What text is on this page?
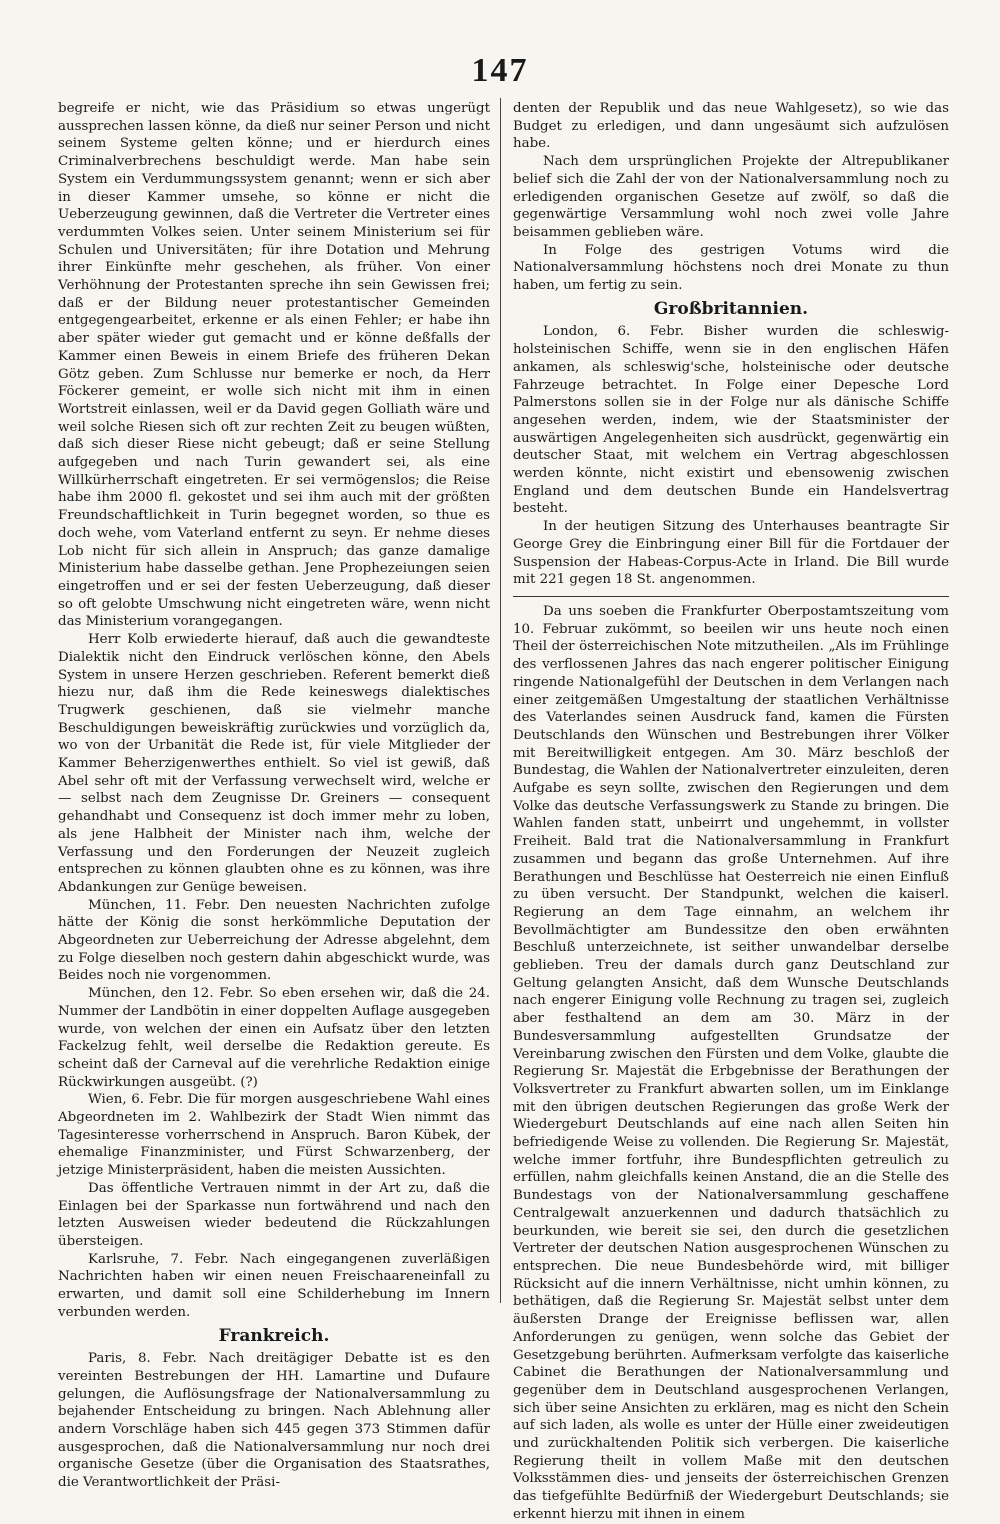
147

begreife er nicht, wie das Präsidium so etwas ungerügt aussprechen lassen könne, da dieß nur seiner Person und nicht seinem Systeme gelten könne; und er hierdurch eines Criminalverbrechens beschuldigt werde. Man habe sein System ein Verdummungssystem genannt; wenn er sich aber in dieser Kammer umsehe, so könne er nicht die Ueberzeugung gewinnen, daß die Vertreter die Vertreter eines verdummten Volkes seien. Unter seinem Ministerium sei für Schulen und Universitäten; für ihre Dotation und Mehrung ihrer Einkünfte mehr geschehen, als früher. Von einer Verhöhnung der Protestanten spreche ihn sein Gewissen frei; daß er der Bildung neuer protestantischer Gemeinden entgegengearbeitet, erkenne er als einen Fehler; er habe ihn aber später wieder gut gemacht und er könne deßfalls der Kammer einen Beweis in einem Briefe des früheren Dekan Götz geben. Zum Schlusse nur bemerke er noch, da Herr Föckerer gemeint, er wolle sich nicht mit ihm in einen Wortstreit einlassen, weil er da David gegen Golliath wäre und weil solche Riesen sich oft zur rechten Zeit zu beugen wüßten, daß sich dieser Riese nicht gebeugt; daß er seine Stellung aufgegeben und nach Turin gewandert sei, als eine Willkürherrschaft eingetreten. Er sei vermögenslos; die Reise habe ihm 2000 fl. gekostet und sei ihm auch mit der größten Freundschaftlichkeit in Turin begegnet worden, so thue es doch wehe, vom Vaterland entfernt zu seyn. Er nehme dieses Lob nicht für sich allein in Anspruch; das ganze damalige Ministerium habe dasselbe gethan. Jene Prophezeiungen seien eingetroffen und er sei der festen Ueberzeugung, daß dieser so oft gelobte Umschwung nicht eingetreten wäre, wenn nicht das Ministerium vorangegangen.

Herr Kolb erwiederte hierauf, daß auch die gewandteste Dialektik nicht den Eindruck verlöschen könne, den Abels System in unsere Herzen geschrieben. Referent bemerkt dieß hiezu nur, daß ihm die Rede keineswegs dialektisches Trugwerk geschienen, daß sie vielmehr manche Beschuldigungen beweiskräftig zurückwies und vorzüglich da, wo von der Urbanität die Rede ist, für viele Mitglieder der Kammer Beherzigenwerthes enthielt. So viel ist gewiß, daß Abel sehr oft mit der Verfassung verwechselt wird, welche er — selbst nach dem Zeugnisse Dr. Greiners — consequent gehandhabt und Consequenz ist doch immer mehr zu loben, als jene Halbheit der Minister nach ihm, welche der Verfassung und den Forderungen der Neuzeit zugleich entsprechen zu können glaubten ohne es zu können, was ihre Abdankungen zur Genüge beweisen.

München, 11. Febr. Den neuesten Nachrichten zufolge hätte der König die sonst herkömmliche Deputation der Abgeordneten zur Ueberreichung der Adresse abgelehnt, dem zu Folge dieselben noch gestern dahin abgeschickt wurde, was Beides noch nie vorgenommen.

München, den 12. Febr. So eben ersehen wir, daß die 24. Nummer der Landbötin in einer doppelten Auflage ausgegeben wurde, von welchen der einen ein Aufsatz über den letzten Fackelzug fehlt, weil derselbe die Redaktion gereute. Es scheint daß der Carneval auf die verehrliche Redaktion einige Rückwirkungen ausgeübt. (?)

Wien, 6. Febr. Die für morgen ausgeschriebene Wahl eines Abgeordneten im 2. Wahlbezirk der Stadt Wien nimmt das Tagesinteresse vorherrschend in Anspruch. Baron Kübek, der ehemalige Finanzminister, und Fürst Schwarzenberg, der jetzige Ministerpräsident, haben die meisten Aussichten.

Das öffentliche Vertrauen nimmt in der Art zu, daß die Einlagen bei der Sparkasse nun fortwährend und nach den letzten Ausweisen wieder bedeutend die Rückzahlungen übersteigen.

Karlsruhe, 7. Febr. Nach eingegangenen zuverläßigen Nachrichten haben wir einen neuen Freischaareneinfall zu erwarten, und damit soll eine Schilderhebung im Innern verbunden werden.

Frankreich.

Paris, 8. Febr. Nach dreitägiger Debatte ist es den vereinten Bestrebungen der HH. Lamartine und Dufaure gelungen, die Auflösungsfrage der Nationalversammlung zu bejahender Entscheidung zu bringen. Nach Ablehnung aller andern Vorschläge haben sich 445 gegen 373 Stimmen dafür ausgesprochen, daß die Nationalversammlung nur noch drei organische Gesetze (über die Organisation des Staatsrathes, die Verantwortlichkeit der Präsi-

denten der Republik und das neue Wahlgesetz), so wie das Budget zu erledigen, und dann ungesäumt sich aufzulösen habe.

Nach dem ursprünglichen Projekte der Altrepublikaner belief sich die Zahl der von der Nationalversammlung noch zu erledigenden organischen Gesetze auf zwölf, so daß die gegenwärtige Versammlung wohl noch zwei volle Jahre beisammen geblieben wäre.

In Folge des gestrigen Votums wird die Nationalversammlung höchstens noch drei Monate zu thun haben, um fertig zu sein.

Großbritannien.

London, 6. Febr. Bisher wurden die schleswig-holsteinischen Schiffe, wenn sie in den englischen Häfen ankamen, als schleswig'sche, holsteinische oder deutsche Fahrzeuge betrachtet. In Folge einer Depesche Lord Palmerstons sollen sie in der Folge nur als dänische Schiffe angesehen werden, indem, wie der Staatsminister der auswärtigen Angelegenheiten sich ausdrückt, gegenwärtig ein deutscher Staat, mit welchem ein Vertrag abgeschlossen werden könnte, nicht existirt und ebensowenig zwischen England und dem deutschen Bunde ein Handelsvertrag besteht.

In der heutigen Sitzung des Unterhauses beantragte Sir George Grey die Einbringung einer Bill für die Fortdauer der Suspension der Habeas-Corpus-Acte in Irland. Die Bill wurde mit 221 gegen 18 St. angenommen.

Da uns soeben die Frankfurter Oberpostamtszeitung vom 10. Februar zukömmt, so beeilen wir uns heute noch einen Theil der österreichischen Note mitzutheilen. „Als im Frühlinge des verflossenen Jahres das nach engerer politischer Einigung ringende Nationalgefühl der Deutschen in dem Verlangen nach einer zeitgemäßen Umgestaltung der staatlichen Verhältnisse des Vaterlandes seinen Ausdruck fand, kamen die Fürsten Deutschlands den Wünschen und Bestrebungen ihrer Völker mit Bereitwilligkeit entgegen. Am 30. März beschloß der Bundestag, die Wahlen der Nationalvertreter einzuleiten, deren Aufgabe es seyn sollte, zwischen den Regierungen und dem Volke das deutsche Verfassungswerk zu Stande zu bringen. Die Wahlen fanden statt, unbeirrt und ungehemmt, in vollster Freiheit. Bald trat die Nationalversammlung in Frankfurt zusammen und begann das große Unternehmen. Auf ihre Berathungen und Beschlüsse hat Oesterreich nie einen Einfluß zu üben versucht. Der Standpunkt, welchen die kaiserl. Regierung an dem Tage einnahm, an welchem ihr Bevollmächtigter am Bundessitze den oben erwähnten Beschluß unterzeichnete, ist seither unwandelbar derselbe geblieben. Treu der damals durch ganz Deutschland zur Geltung gelangten Ansicht, daß dem Wunsche Deutschlands nach engerer Einigung volle Rechnung zu tragen sei, zugleich aber festhaltend an dem am 30. März in der Bundesversammlung aufgestellten Grundsatze der Vereinbarung zwischen den Fürsten und dem Volke, glaubte die Regierung Sr. Majestät die Erbgebnisse der Berathungen der Volksvertreter zu Frankfurt abwarten sollen, um im Einklange mit den übrigen deutschen Regierungen das große Werk der Wiedergeburt Deutschlands auf eine nach allen Seiten hin befriedigende Weise zu vollenden. Die Regierung Sr. Majestät, welche immer fortfuhr, ihre Bundespflichten getreulich zu erfüllen, nahm gleichfalls keinen Anstand, die an die Stelle des Bundestags von der Nationalversammlung geschaffene Centralgewalt anzuerkennen und dadurch thatsächlich zu beurkunden, wie bereit sie sei, den durch die gesetzlichen Vertreter der deutschen Nation ausgesprochenen Wünschen zu entsprechen. Die neue Bundesbehörde wird, mit billiger Rücksicht auf die innern Verhältnisse, nicht umhin können, zu bethätigen, daß die Regierung Sr. Majestät selbst unter dem äußersten Drange der Ereignisse beflissen war, allen Anforderungen zu genügen, wenn solche das Gebiet der Gesetzgebung berührten. Aufmerksam verfolgte das kaiserliche Cabinet die Berathungen der Nationalversammlung und gegenüber dem in Deutschland ausgesprochenen Verlangen, sich über seine Ansichten zu erklären, mag es nicht den Schein auf sich laden, als wolle es unter der Hülle einer zweideutigen und zurückhaltenden Politik sich verbergen. Die kaiserliche Regierung theilt in vollem Maße mit den deutschen Volksstämmen dies- und jenseits der österreichischen Grenzen das tiefgefühlte Bedürfniß der Wiedergeburt Deutschlands; sie erkennt hierzu mit ihnen in einem
